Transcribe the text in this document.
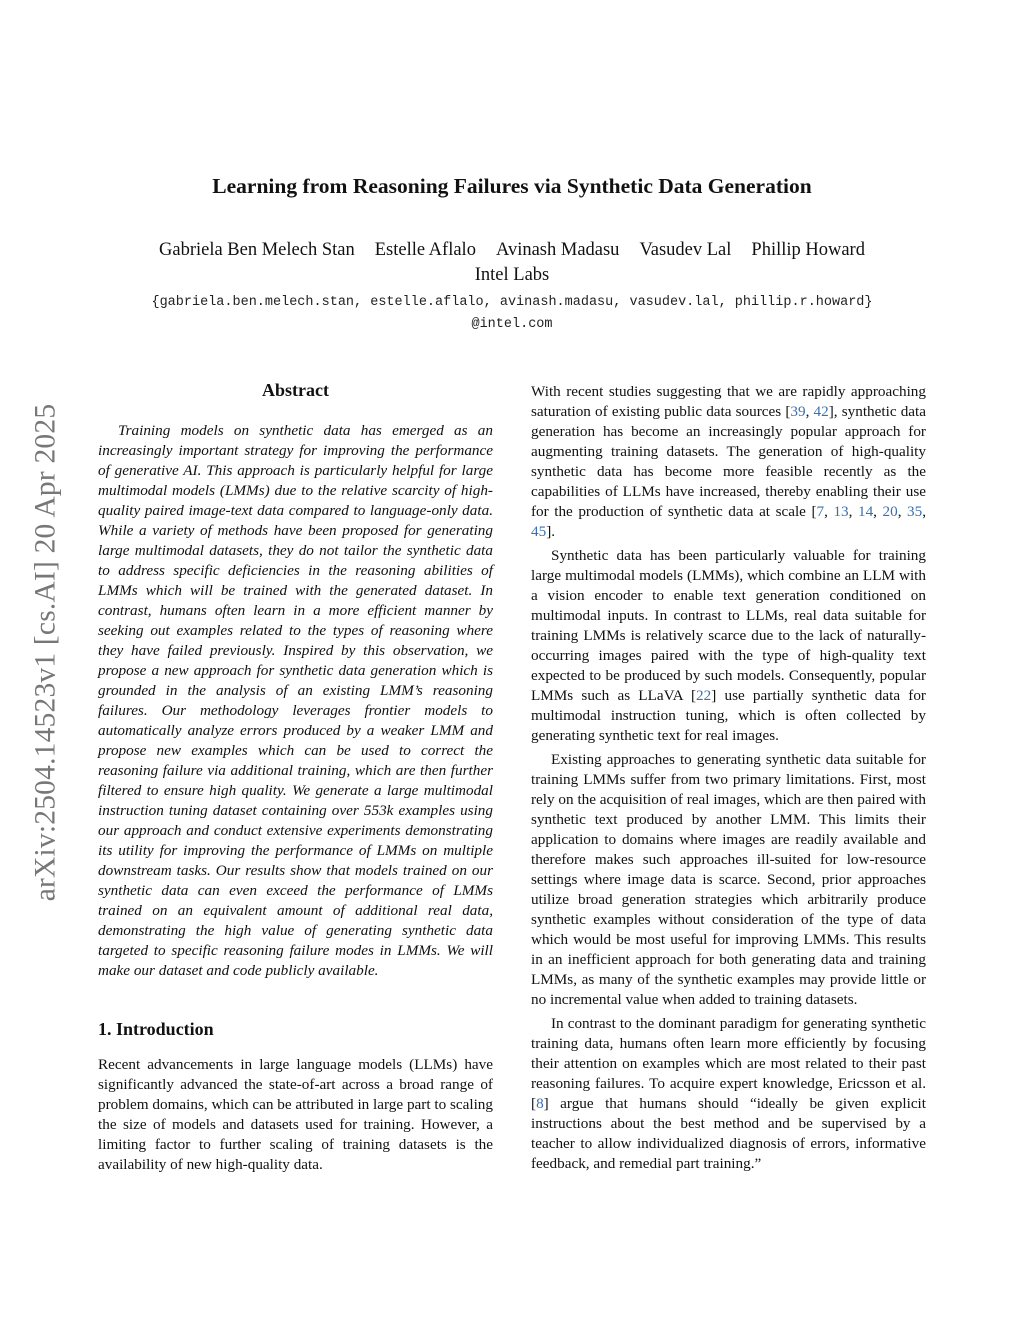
arXiv:2504.14523v1 [cs.AI] 20 Apr 2025
Learning from Reasoning Failures via Synthetic Data Generation
Gabriela Ben Melech Stan Estelle Aflalo Avinash Madasu Vasudev Lal Phillip Howard
Intel Labs
{gabriela.ben.melech.stan, estelle.aflalo, avinash.madasu, vasudev.lal, phillip.r.howard}
@intel.com
Abstract

Training models on synthetic data has emerged as an increasingly important strategy for improving the performance of generative AI. This approach is particularly helpful for large multimodal models (LMMs) due to the relative scarcity of high-quality paired image-text data compared to language-only data. While a variety of methods have been proposed for generating large multimodal datasets, they do not tailor the synthetic data to address specific deficiencies in the reasoning abilities of LMMs which will be trained with the generated dataset. In contrast, humans often learn in a more efficient manner by seeking out examples related to the types of reasoning where they have failed previously. Inspired by this observation, we propose a new approach for synthetic data generation which is grounded in the analysis of an existing LMM’s reasoning failures. Our methodology leverages frontier models to automatically analyze errors produced by a weaker LMM and propose new examples which can be used to correct the reasoning failure via additional training, which are then further filtered to ensure high quality. We generate a large multimodal instruction tuning dataset containing over 553k examples using our approach and conduct extensive experiments demonstrating its utility for improving the performance of LMMs on multiple downstream tasks. Our results show that models trained on our synthetic data can even exceed the performance of LMMs trained on an equivalent amount of additional real data, demonstrating the high value of generating synthetic data targeted to specific reasoning failure modes in LMMs. We will make our dataset and code publicly available.

1. Introduction

Recent advancements in large language models (LLMs) have significantly advanced the state-of-art across a broad range of problem domains, which can be attributed in large part to scaling the size of models and datasets used for training. However, a limiting factor to further scaling of training datasets is the availability of new high-quality data.

With recent studies suggesting that we are rapidly approaching saturation of existing public data sources [39, 42], synthetic data generation has become an increasingly popular approach for augmenting training datasets. The generation of high-quality synthetic data has become more feasible recently as the capabilities of LLMs have increased, thereby enabling their use for the production of synthetic data at scale [7, 13, 14, 20, 35, 45].

Synthetic data has been particularly valuable for training large multimodal models (LMMs), which combine an LLM with a vision encoder to enable text generation conditioned on multimodal inputs. In contrast to LLMs, real data suitable for training LMMs is relatively scarce due to the lack of naturally-occurring images paired with the type of high-quality text expected to be produced by such models. Consequently, popular LMMs such as LLaVA [22] use partially synthetic data for multimodal instruction tuning, which is often collected by generating synthetic text for real images.

Existing approaches to generating synthetic data suitable for training LMMs suffer from two primary limitations. First, most rely on the acquisition of real images, which are then paired with synthetic text produced by another LMM. This limits their application to domains where images are readily available and therefore makes such approaches ill-suited for low-resource settings where image data is scarce. Second, prior approaches utilize broad generation strategies which arbitrarily produce synthetic examples without consideration of the type of data which would be most useful for improving LMMs. This results in an inefficient approach for both generating data and training LMMs, as many of the synthetic examples may provide little or no incremental value when added to training datasets.

In contrast to the dominant paradigm for generating synthetic training data, humans often learn more efficiently by focusing their attention on examples which are most related to their past reasoning failures. To acquire expert knowledge, Ericsson et al. [8] argue that humans should “ideally be given explicit instructions about the best method and be supervised by a teacher to allow individualized diagnosis of errors, informative feedback, and remedial part training.”
